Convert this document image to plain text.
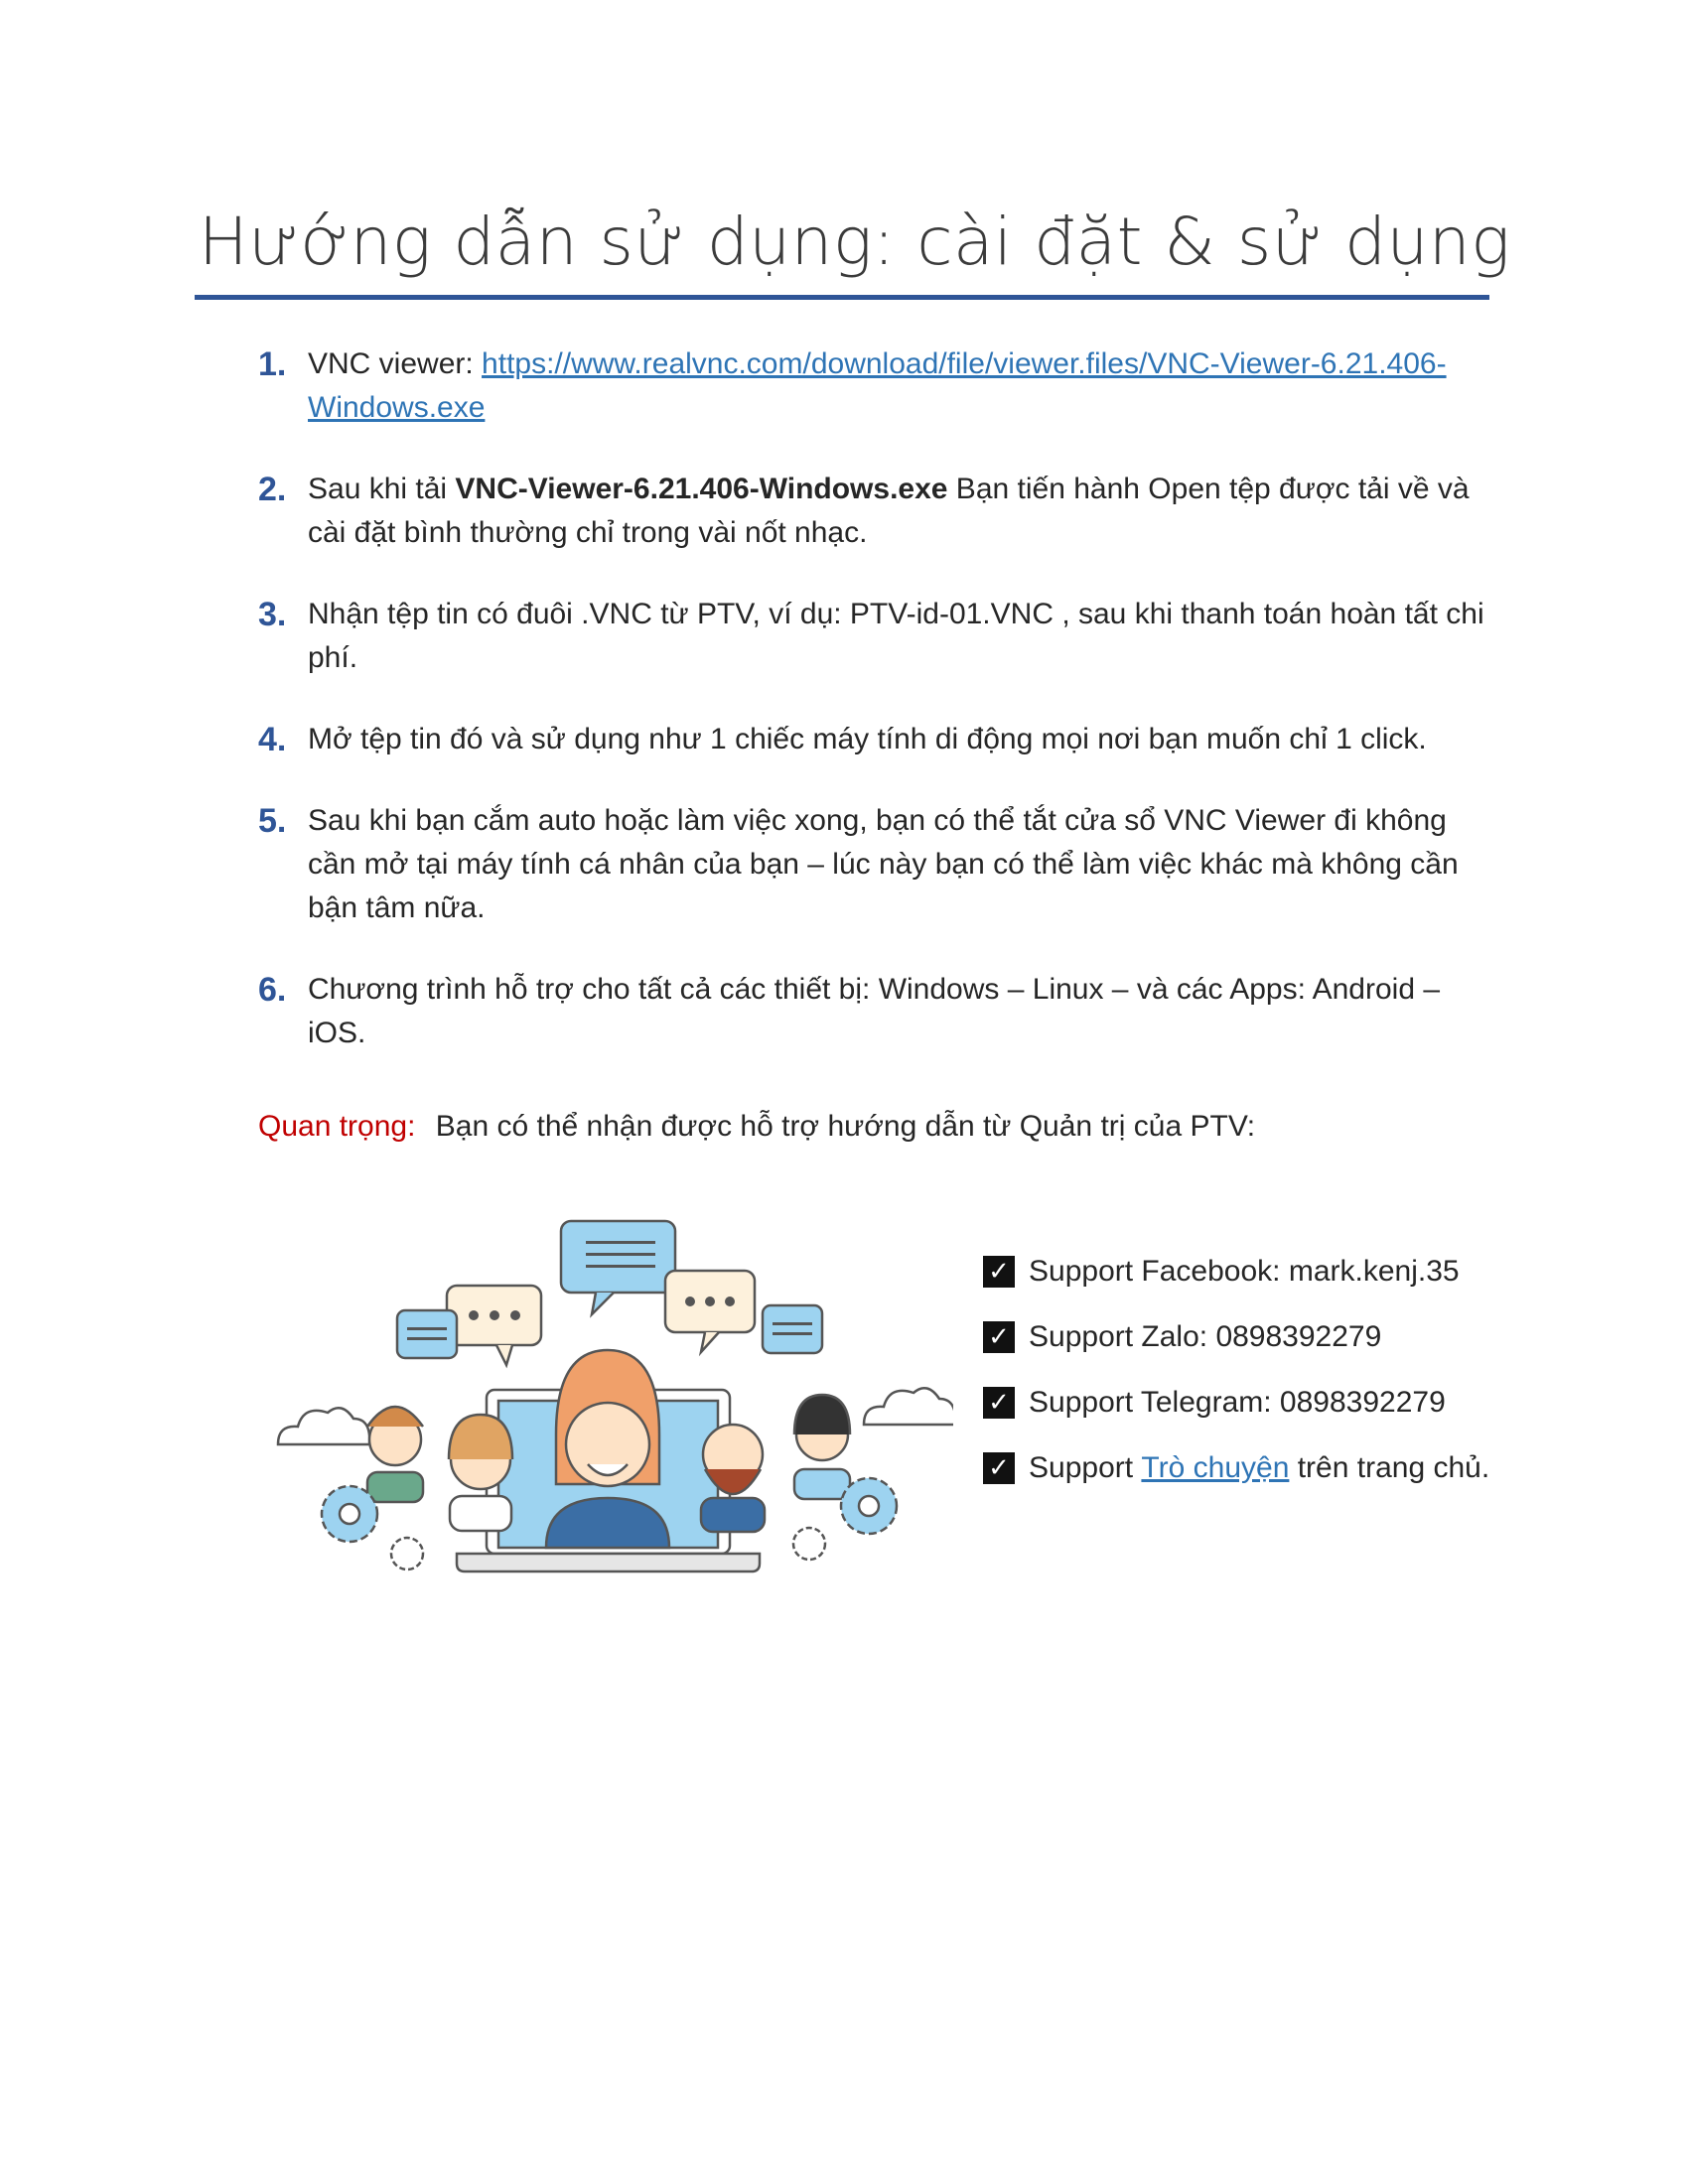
Hướng dẫn sử dụng: cài đặt & sử dụng
1. VNC viewer: https://www.realvnc.com/download/file/viewer.files/VNC-Viewer-6.21.406-Windows.exe
2. Sau khi tải VNC-Viewer-6.21.406-Windows.exe Bạn tiến hành Open tệp được tải về và cài đặt bình thường chỉ trong vài nốt nhạc.
3. Nhận tệp tin có đuôi .VNC từ PTV, ví dụ: PTV-id-01.VNC , sau khi thanh toán hoàn tất chi phí.
4. Mở tệp tin đó và sử dụng như 1 chiếc máy tính di động mọi nơi bạn muốn chỉ 1 click.
5. Sau khi bạn cắm auto hoặc làm việc xong, bạn có thể tắt cửa sổ VNC Viewer đi không cần mở tại máy tính cá nhân của bạn – lúc này bạn có thể làm việc khác mà không cần bận tâm nữa.
6. Chương trình hỗ trợ cho tất cả các thiết bị: Windows – Linux – và các Apps: Android – iOS.
Quan trọng: Bạn có thể nhận được hỗ trợ hướng dẫn từ Quản trị của PTV:
✓ Support Facebook: mark.kenj.35
✓ Support Zalo: 0898392279
✓ Support Telegram: 0898392279
✓ Support Trò chuyện trên trang chủ.
